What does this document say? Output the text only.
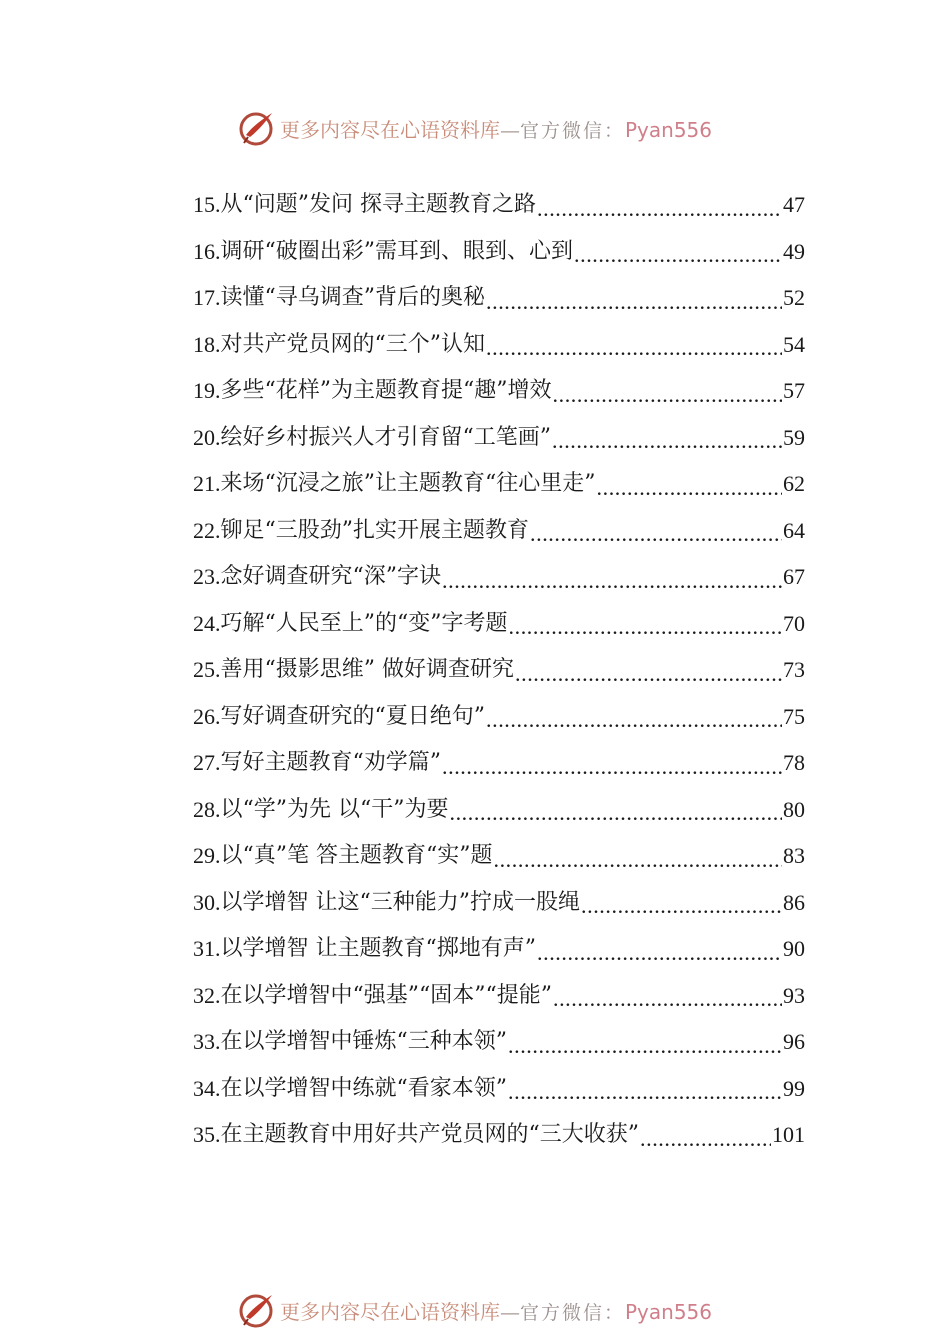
更多内容尽在心语资料库—官方微信：Pyan556
15. 从“问题”发问 探寻主题教育之路 .....	47
16. 调研“破圈出彩”需耳到、眼到、心到 .....	49
17. 读懂“寻乌调查”背后的奥秘 .....	52
18. 对共产党员网的“三个”认知 .....	54
19. 多些“花样”为主题教育提“趣”增效 .....	57
20. 绘好乡村振兴人才引育留“工笔画” .....	59
21. 来场“沉浸之旅”让主题教育“往心里走” .....	62
22. 铆足“三股劲”扎实开展主题教育 .....	64
23. 念好调查研究“深”字诀 .....	67
24. 巧解“人民至上”的“变”字考题 .....	70
25. 善用“摄影思维” 做好调查研究 .....	73
26. 写好调查研究的“夏日绝句” .....	75
27. 写好主题教育“劝学篇” .....	78
28. 以“学”为先 以“干”为要 .....	80
29. 以“真”笔 答主题教育“实”题 .....	83
30. 以学增智 让这“三种能力”拧成一股绳 .....	86
31. 以学增智 让主题教育“掷地有声” .....	90
32. 在以学增智中“强基”“固本”“提能” .....	93
33. 在以学增智中锤炼“三种本领” .....	96
34. 在以学增智中练就“看家本领” .....	99
35. 在主题教育中用好共产党员网的“三大收获” .....	101
更多内容尽在心语资料库—官方微信：Pyan556
